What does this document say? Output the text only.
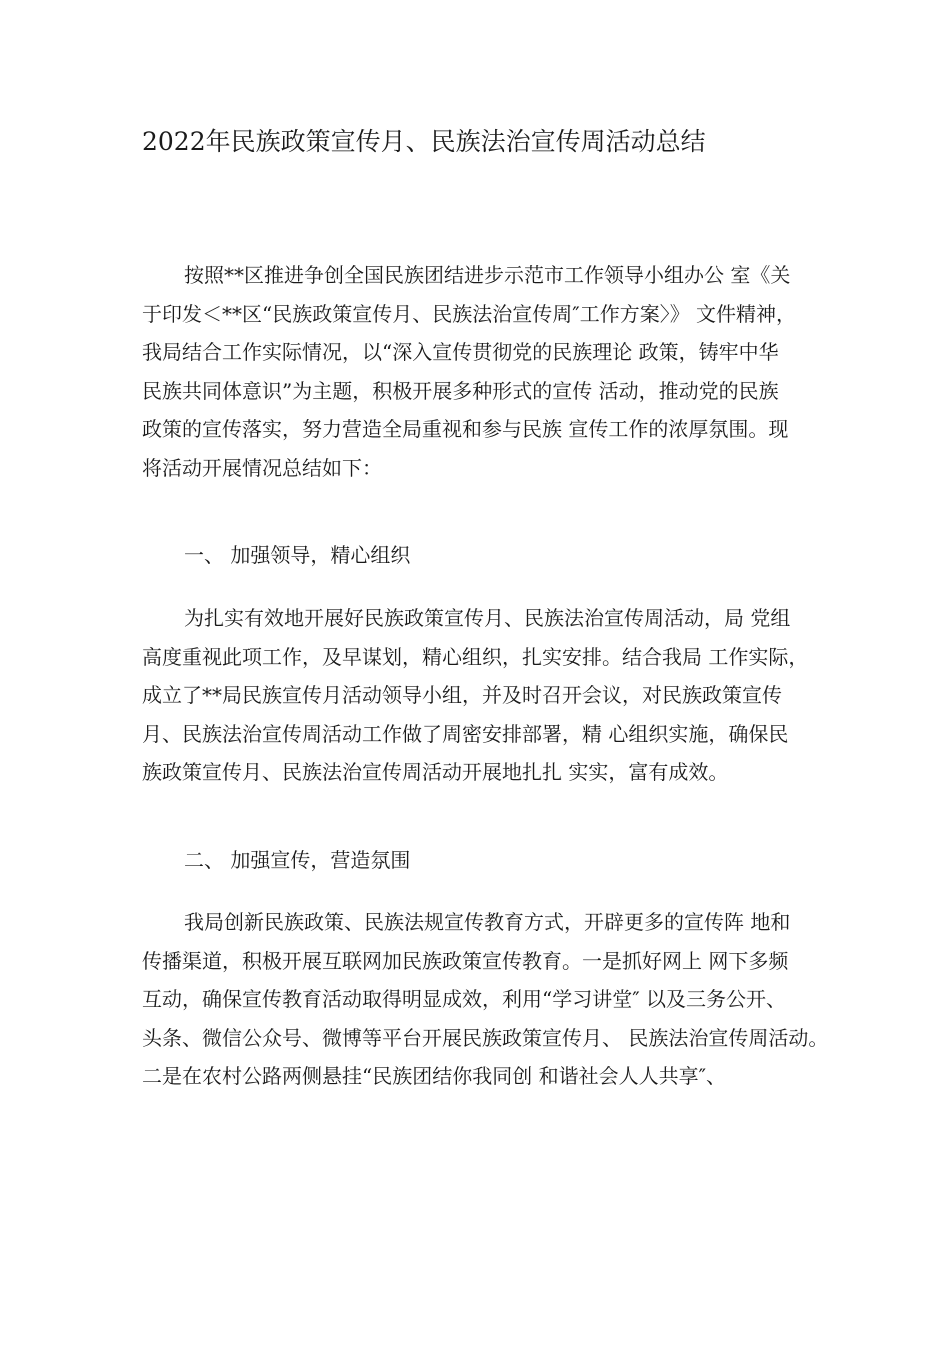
2022年民族政策宣传月、民族法治宣传周活动总结
按照**区推进争创全国民族团结进步示范市工作领导小组办公 室《关
于印发＜**区“民族政策宣传月、民族法治宣传周″工作方案〉》 文件精神，
我局结合工作实际情况，以“深入宣传贯彻党的民族理论 政策，铸牢中华
民族共同体意识”为主题，积极开展多种形式的宣传 活动，推动党的民族
政策的宣传落实，努力营造全局重视和参与民族 宣传工作的浓厚氛围。现
将活动开展情况总结如下：
一、 加强领导，精心组织
为扎实有效地开展好民族政策宣传月、民族法治宣传周活动，局 党组
高度重视此项工作，及早谋划，精心组织，扎实安排。结合我局 工作实际，
成立了**局民族宣传月活动领导小组，并及时召开会议，对民族政策宣传
月、民族法治宣传周活动工作做了周密安排部署，精 心组织实施，确保民
族政策宣传月、民族法治宣传周活动开展地扎扎 实实，富有成效。
二、 加强宣传，营造氛围
我局创新民族政策、民族法规宣传教育方式，开辟更多的宣传阵 地和
传播渠道，积极开展互联网加民族政策宣传教育。一是抓好网上 网下多频
互动，确保宣传教育活动取得明显成效，利用“学习讲堂″ 以及三务公开、
头条、微信公众号、微博等平台开展民族政策宣传月、 民族法治宣传周活动。
二是在农村公路两侧悬挂“民族团结你我同创 和谐社会人人共享″、
